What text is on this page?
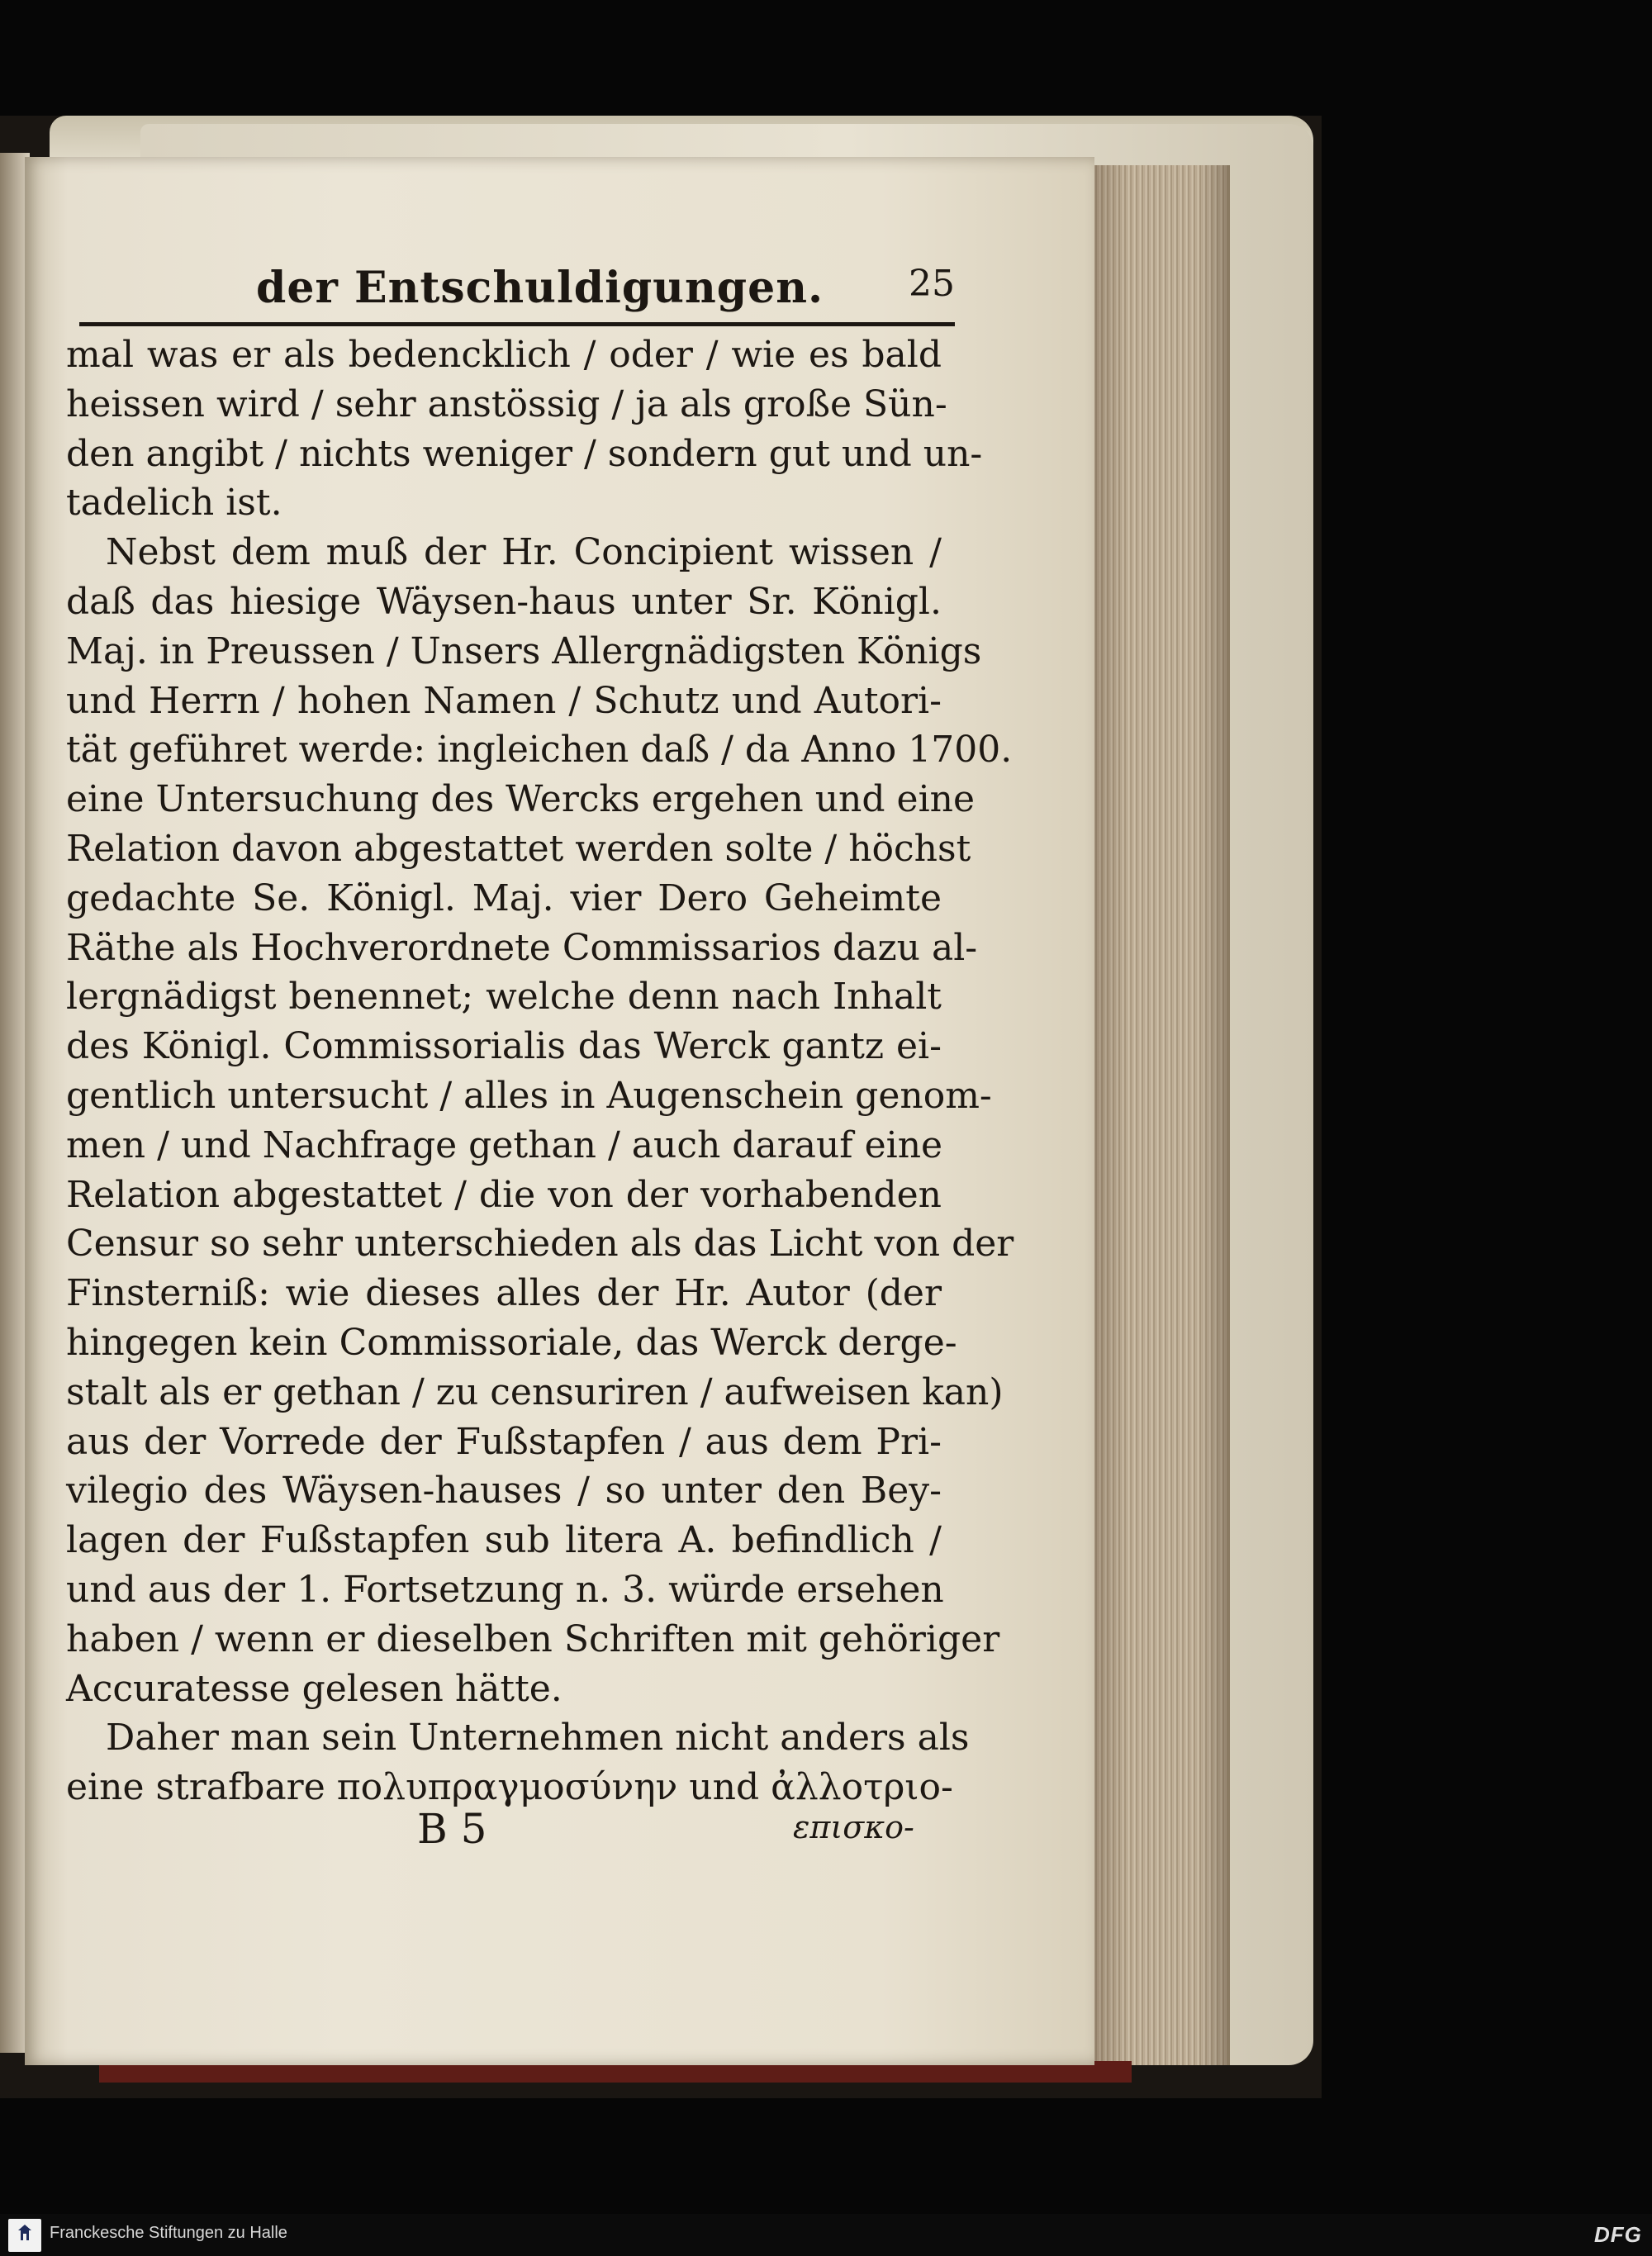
der Entschuldigungen. 25
mal was er als bedencklich / oder / wie es bald
heissen wird / sehr anstössig / ja als große Sün-
den angibt / nichts weniger / sondern gut und un-
tadelich ist.
Nebst dem muß der Hr. Concipient wissen /
daß das hiesige Wäysen-haus unter Sr. Königl.
Maj. in Preussen / Unsers Allergnädigsten Königs
und Herrn / hohen Namen / Schutz und Autori-
tät geführet werde: ingleichen daß / da Anno 1700.
eine Untersuchung des Wercks ergehen und eine
Relation davon abgestattet werden solte / höchst
gedachte Se. Königl. Maj. vier Dero Geheimte
Räthe als Hochverordnete Commissarios dazu al-
lergnädigst benennet; welche denn nach Inhalt
des Königl. Commissorialis das Werck gantz ei-
gentlich untersucht / alles in Augenschein genom-
men / und Nachfrage gethan / auch darauf eine
Relation abgestattet / die von der vorhabenden
Censur so sehr unterschieden als das Licht von der
Finsterniß: wie dieses alles der Hr. Autor (der
hingegen kein Commissoriale, das Werck derge-
stalt als er gethan / zu censuriren / aufweisen kan)
aus der Vorrede der Fußstapfen / aus dem Pri-
vilegio des Wäysen-hauses / so unter den Bey-
lagen der Fußstapfen sub litera A. befindlich /
und aus der 1. Fortsetzung n. 3. würde ersehen
haben / wenn er dieselben Schriften mit gehöriger
Accuratesse gelesen hätte.
Daher man sein Unternehmen nicht anders als
eine strafbare πολυπραγμοσύνην und ἀλλοτριο-
B 5	επισκο-
Franckesche Stiftungen zu Halle	DFG
